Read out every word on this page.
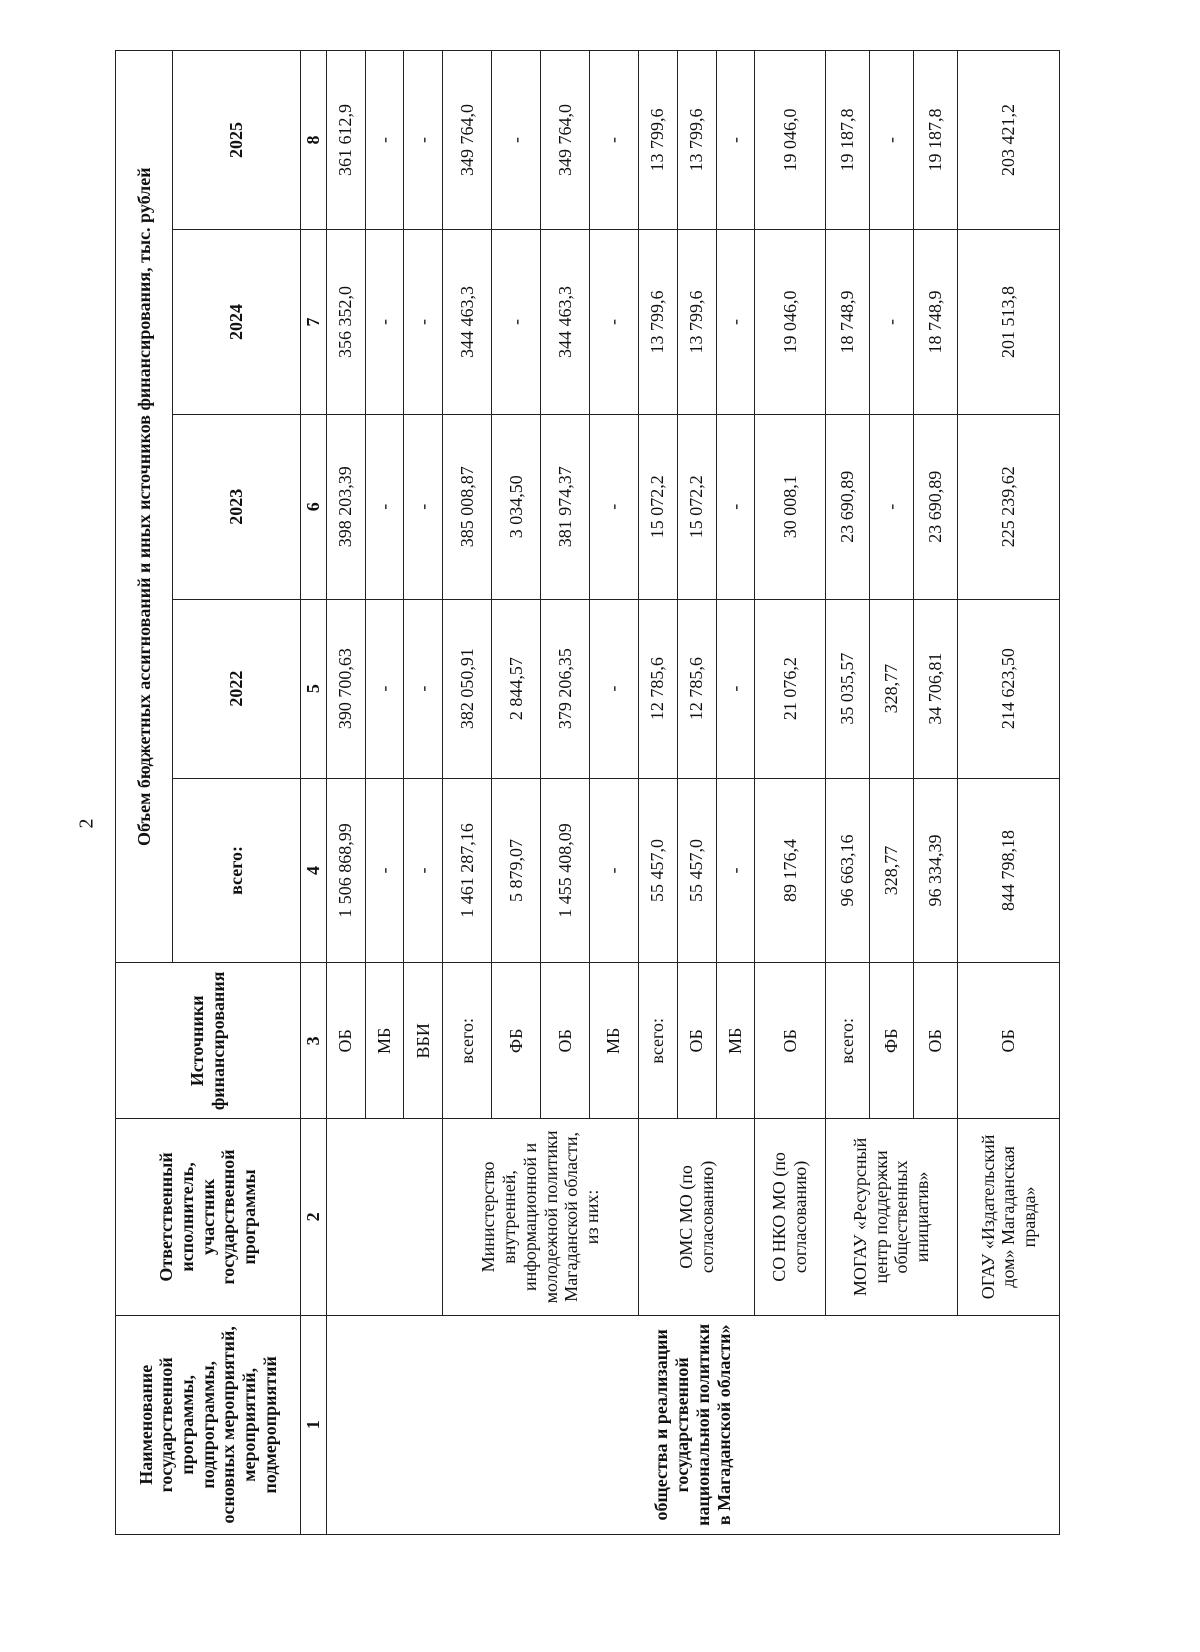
2
Наименование государственной программы, подпрограммы, основных мероприятий, мероприятий, подмероприятий	Ответственный исполнитель, участник государственной программы	Источники финансирования	Объем бюджетных ассигнований и иных источников финансирования, тыс. рублей				
			всего:	2022	2023	2024	2025
1	2	3	4	5	6	7	8
общества и реализации государственной национальной политики в Магаданской области»		ОБ	1 506 868,99	390 700,63	398 203,39	356 352,0	361 612,9
		МБ	-	-	-	-	-
		ВБИ	-	-	-	-	-
	Министерство внутренней, информационной и молодежной политики Магаданской области, из них:	всего:	1 461 287,16	382 050,91	385 008,87	344 463,3	349 764,0
		ФБ	5 879,07	2 844,57	3 034,50	-	-
		ОБ	1 455 408,09	379 206,35	381 974,37	344 463,3	349 764,0
		МБ	-	-	-	-	-
	ОМС МО (по согласованию)	всего:	55 457,0	12 785,6	15 072,2	13 799,6	13 799,6
		ОБ	55 457,0	12 785,6	15 072,2	13 799,6	13 799,6
		МБ	-	-	-	-	-
	СО НКО МО (по согласованию)	ОБ	89 176,4	21 076,2	30 008,1	19 046,0	19 046,0
	МОГАУ «Ресурсный центр поддержки общественных инициатив»	всего:	96 663,16	35 035,57	23 690,89	18 748,9	19 187,8
		ФБ	328,77	328,77	-	-	-
		ОБ	96 334,39	34 706,81	23 690,89	18 748,9	19 187,8
	ОГАУ «Издательский дом» Магаданская правда»	ОБ	844 798,18	214 623,50	225 239,62	201 513,8	203 421,2
